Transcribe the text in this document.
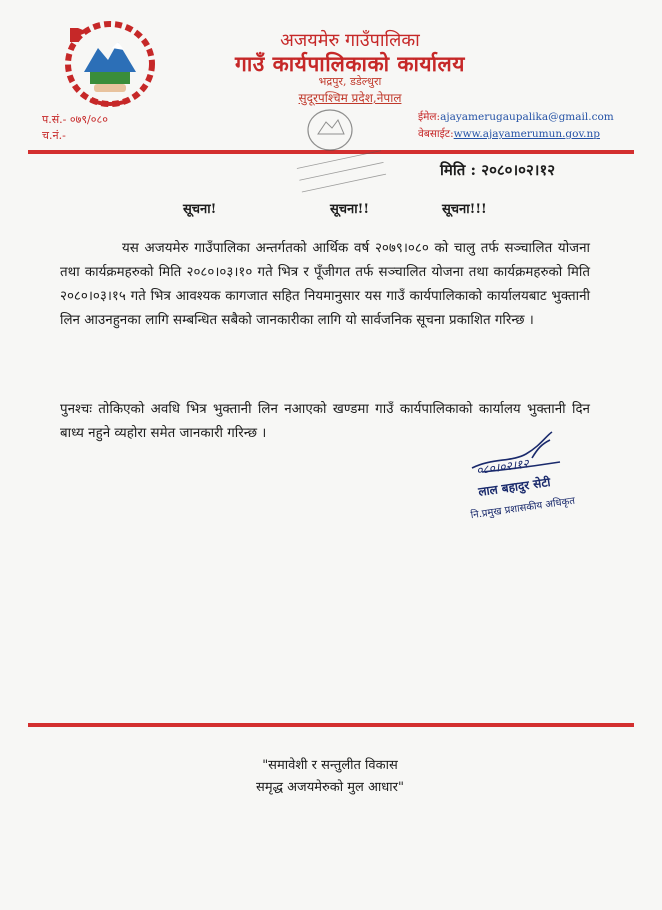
अजयमेरु गाउँपालिका
गाउँ कार्यपालिकाको कार्यालय
भद्रपुर, डडेल्धुरा
सुदूरपश्चिम प्रदेश,नेपाल
प.सं.- ०७९/०८०
च.नं.-
ईमेल:ajayamerugaupalika@gmail.com
वेबसाईट:www.ajayamerumun.gov.np
मिति : २०८०।०२।१२
सूचना!	सूचना!!	सूचना!!!
यस अजयमेरु गाउँपालिका अन्तर्गतको आर्थिक वर्ष २०७९।०८० को चालु तर्फ सञ्चालित योजना तथा कार्यक्रमहरुको मिति २०८०।०३।१० गते भित्र र पूँजीगत तर्फ सञ्चालित योजना तथा कार्यक्रमहरुको मिति २०८०।०३।१५ गते भित्र आवश्यक कागजात सहित नियमानुसार यस गाउँ कार्यपालिकाको कार्यालयबाट भुक्तानी लिन आउनहुनका लागि सम्बन्धित सबैको जानकारीका लागि यो सार्वजनिक सूचना प्रकाशित गरिन्छ ।
पुनश्चः तोकिएको अवधि भित्र भुक्तानी लिन नआएको खण्डमा गाउँ कार्यपालिकाको कार्यालय भुक्तानी दिन बाध्य नहुने व्यहोरा समेत जानकारी गरिन्छ ।
०८०।०२।१२
लाल बहादुर सेटी
नि.प्रमुख प्रशासकीय अधिकृत
"समावेशी र सन्तुलीत विकास
समृद्ध अजयमेरुको मुल आधार"
